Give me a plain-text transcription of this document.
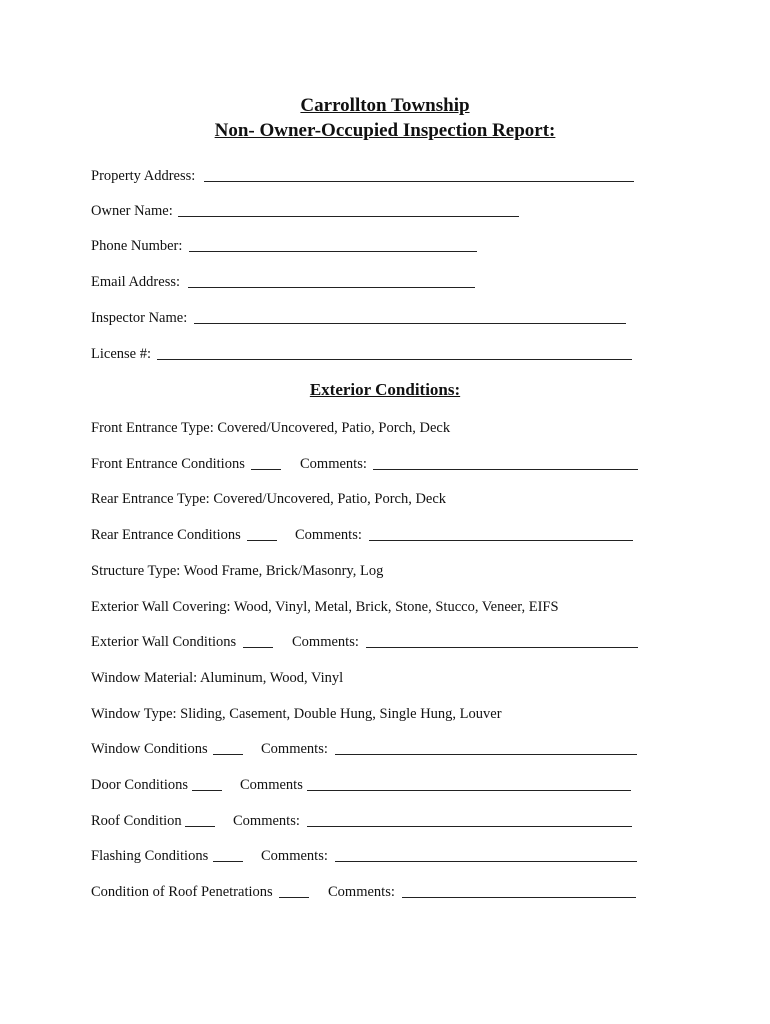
Carrollton Township
Non- Owner-Occupied Inspection Report:
Property Address:
Owner Name:
Phone Number:
Email Address:
Inspector Name:
License #:
Exterior Conditions:
Front Entrance Type: Covered/Uncovered, Patio, Porch, Deck
Front Entrance Conditions	Comments:
Rear Entrance Type: Covered/Uncovered, Patio, Porch, Deck
Rear Entrance Conditions	Comments:
Structure Type: Wood Frame, Brick/Masonry, Log
Exterior Wall Covering: Wood, Vinyl, Metal, Brick, Stone, Stucco, Veneer, EIFS
Exterior Wall Conditions	Comments:
Window Material: Aluminum, Wood, Vinyl
Window Type: Sliding, Casement, Double Hung, Single Hung, Louver
Window Conditions	Comments:
Door Conditions	Comments
Roof Condition	Comments:
Flashing Conditions	Comments:
Condition of Roof Penetrations	Comments:
